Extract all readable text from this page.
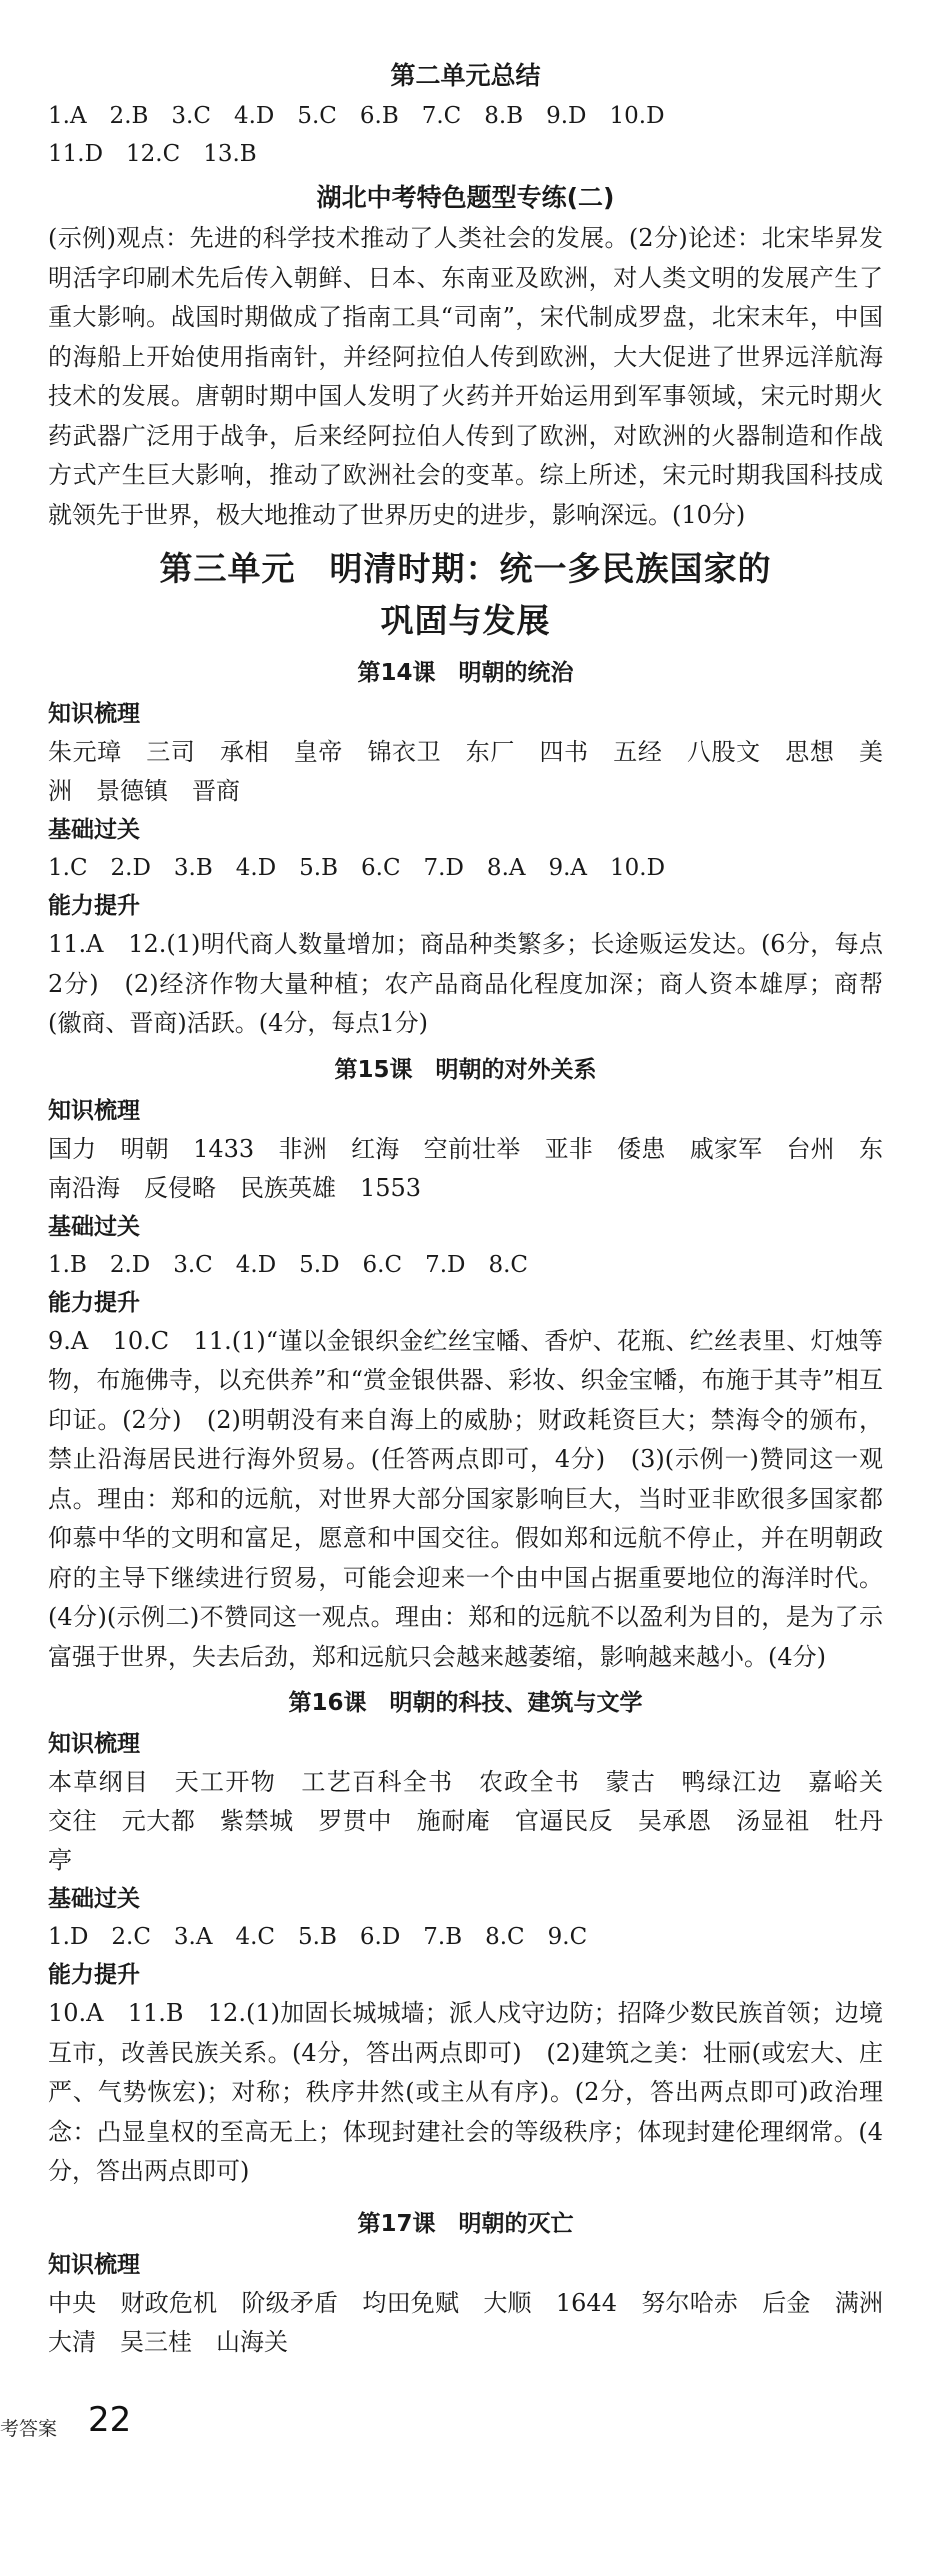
第二单元总结

1.A　2.B　3.C　4.D　5.C　6.B　7.C　8.B　9.D　10.D

11.D　12.C　13.B

湖北中考特色题型专练(二)

(示例)观点：先进的科学技术推动了人类社会的发展。(2分)论述：北宋毕昇发明活字印刷术先后传入朝鲜、日本、东南亚及欧洲，对人类文明的发展产生了重大影响。战国时期做成了指南工具“司南”，宋代制成罗盘，北宋末年，中国的海船上开始使用指南针，并经阿拉伯人传到欧洲，大大促进了世界远洋航海技术的发展。唐朝时期中国人发明了火药并开始运用到军事领域，宋元时期火药武器广泛用于战争，后来经阿拉伯人传到了欧洲，对欧洲的火器制造和作战方式产生巨大影响，推动了欧洲社会的变革。综上所述，宋元时期我国科技成就领先于世界，极大地推动了世界历史的进步，影响深远。(10分)

第三单元　明清时期：统一多民族国家的
巩固与发展
第14课　明朝的统治

知识梳理

朱元璋　三司　承相　皇帝　锦衣卫　东厂　四书　五经　八股文　思想　美洲　景德镇　晋商

基础过关

1.C　2.D　3.B　4.D　5.B　6.C　7.D　8.A　9.A　10.D

能力提升

11.A　12.(1)明代商人数量增加；商品种类繁多；长途贩运发达。(6分，每点2分)　(2)经济作物大量种植；农产品商品化程度加深；商人资本雄厚；商帮(徽商、晋商)活跃。(4分，每点1分)

第15课　明朝的对外关系

知识梳理

国力　明朝　1433　非洲　红海　空前壮举　亚非　倭患　戚家军　台州　东南沿海　反侵略　民族英雄　1553

基础过关

1.B　2.D　3.C　4.D　5.D　6.C　7.D　8.C

能力提升

9.A　10.C　11.(1)“谨以金银织金纻丝宝幡、香炉、花瓶、纻丝表里、灯烛等物，布施佛寺，以充供养”和“赏金银供器、彩妆、织金宝幡，布施于其寺”相互印证。(2分)　(2)明朝没有来自海上的威胁；财政耗资巨大；禁海令的颁布，禁止沿海居民进行海外贸易。(任答两点即可，4分)　(3)(示例一)赞同这一观点。理由：郑和的远航，对世界大部分国家影响巨大，当时亚非欧很多国家都仰慕中华的文明和富足，愿意和中国交往。假如郑和远航不停止，并在明朝政府的主导下继续进行贸易，可能会迎来一个由中国占据重要地位的海洋时代。(4分)(示例二)不赞同这一观点。理由：郑和的远航不以盈利为目的，是为了示富强于世界，失去后劲，郑和远航只会越来越萎缩，影响越来越小。(4分)

第16课　明朝的科技、建筑与文学

知识梳理

本草纲目　天工开物　工艺百科全书　农政全书　蒙古　鸭绿江边　嘉峪关　交往　元大都　紫禁城　罗贯中　施耐庵　官逼民反　吴承恩　汤显祖　牡丹亭

基础过关

1.D　2.C　3.A　4.C　5.B　6.D　7.B　8.C　9.C

能力提升

10.A　11.B　12.(1)加固长城城墙；派人戍守边防；招降少数民族首领；边境互市，改善民族关系。(4分，答出两点即可)　(2)建筑之美：壮丽(或宏大、庄严、气势恢宏)；对称；秩序井然(或主从有序)。(2分，答出两点即可)政治理念：凸显皇权的至高无上；体现封建社会的等级秩序；体现封建伦理纲常。(4分，答出两点即可)

第17课　明朝的灭亡

知识梳理

中央　财政危机　阶级矛盾　均田免赋　大顺　1644　努尔哈赤　后金　满洲　大清　吴三桂　山海关

考答案 22
